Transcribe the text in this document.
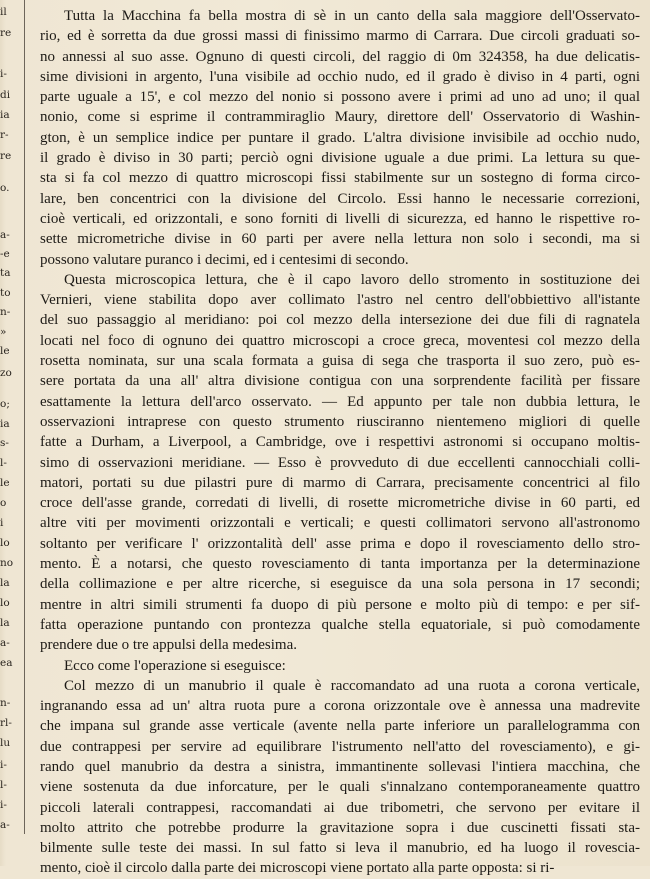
il
re
i-
di
ia
r-
re
o.
a-
-e
ta
to
n-
»
le
zo
o;
ia
s-
l-
le
o
i
lo
no
la
lo
la
a-
ea
n-
rl-
lu
i-
l-
i-
a-
Tutta la Macchina fa bella mostra di sè in un canto della sala maggiore dell'Osservato-
rio, ed è sorretta da due grossi massi di finissimo marmo di Carrara. Due circoli graduati so-
no annessi al suo asse. Ognuno di questi circoli, del raggio di 0m 324358, ha due delicatis-
sime divisioni in argento, l'una visibile ad occhio nudo, ed il grado è diviso in 4 parti, ogni
parte uguale a 15', e col mezzo del nonio si possono avere i primi ad uno ad uno; il qual
nonio, come si esprime il contrammiraglio Maury, direttore dell' Osservatorio di Washin-
gton, è un semplice indice per puntare il grado. L'altra divisione invisibile ad occhio nudo,
il grado è diviso in 30 parti; perciò ogni divisione uguale a due primi. La lettura su que-
sta si fa col mezzo di quattro microscopi fissi stabilmente sur un sostegno di forma circo-
lare, ben concentrici con la divisione del Circolo. Essi hanno le necessarie correzioni,
cioè verticali, ed orizzontali, e sono forniti di livelli di sicurezza, ed hanno le rispettive ro-
sette micrometriche divise in 60 parti per avere nella lettura non solo i secondi, ma si
possono valutare puranco i decimi, ed i centesimi di secondo.
Questa microscopica lettura, che è il capo lavoro dello stromento in sostituzione dei
Vernieri, viene stabilita dopo aver collimato l'astro nel centro dell'obbiettivo all'istante
del suo passaggio al meridiano: poi col mezzo della intersezione dei due fili di ragnatela
locati nel foco di ognuno dei quattro microscopi a croce greca, moventesi col mezzo della
rosetta nominata, sur una scala formata a guisa di sega che trasporta il suo zero, può es-
sere portata da una all' altra divisione contigua con una sorprendente facilità per fissare
esattamente la lettura dell'arco osservato. — Ed appunto per tale non dubbia lettura, le
osservazioni intraprese con questo strumento riusciranno nientemeno migliori di quelle
fatte a Durham, a Liverpool, a Cambridge, ove i respettivi astronomi si occupano moltis-
simo di osservazioni meridiane. — Esso è provveduto di due eccellenti cannocchiali colli-
matori, portati su due pilastri pure di marmo di Carrara, precisamente concentrici al filo
croce dell'asse grande, corredati di livelli, di rosette micrometriche divise in 60 parti, ed
altre viti per movimenti orizzontali e verticali; e questi collimatori servono all'astronomo
soltanto per verificare l' orizzontalità dell' asse prima e dopo il rovesciamento dello stro-
mento. È a notarsi, che questo rovesciamento di tanta importanza per la determinazione
della collimazione e per altre ricerche, si eseguisce da una sola persona in 17 secondi;
mentre in altri simili strumenti fa duopo di più persone e molto più di tempo: e per sif-
fatta operazione puntando con prontezza qualche stella equatoriale, si può comodamente
prendere due o tre appulsi della medesima.
Ecco come l'operazione si eseguisce:
Col mezzo di un manubrio il quale è raccomandato ad una ruota a corona verticale,
ingranando essa ad un' altra ruota pure a corona orizzontale ove è annessa una madrevite
che impana sul grande asse verticale (avente nella parte inferiore un parallelogramma con
due contrappesi per servire ad equilibrare l'istrumento nell'atto del rovesciamento), e gi-
rando quel manubrio da destra a sinistra, immantinente sollevasi l'intiera macchina, che
viene sostenuta da due inforcature, per le quali s'innalzano contemporaneamente quattro
piccoli laterali contrappesi, raccomandati ai due tribometri, che servono per evitare il
molto attrito che potrebbe produrre la gravitazione sopra i due cuscinetti fissati sta-
bilmente sulle teste dei massi. In sul fatto si leva il manubrio, ed ha luogo il rovescia-
mento, cioè il circolo dalla parte dei microscopi viene portato alla parte opposta: si ri-
